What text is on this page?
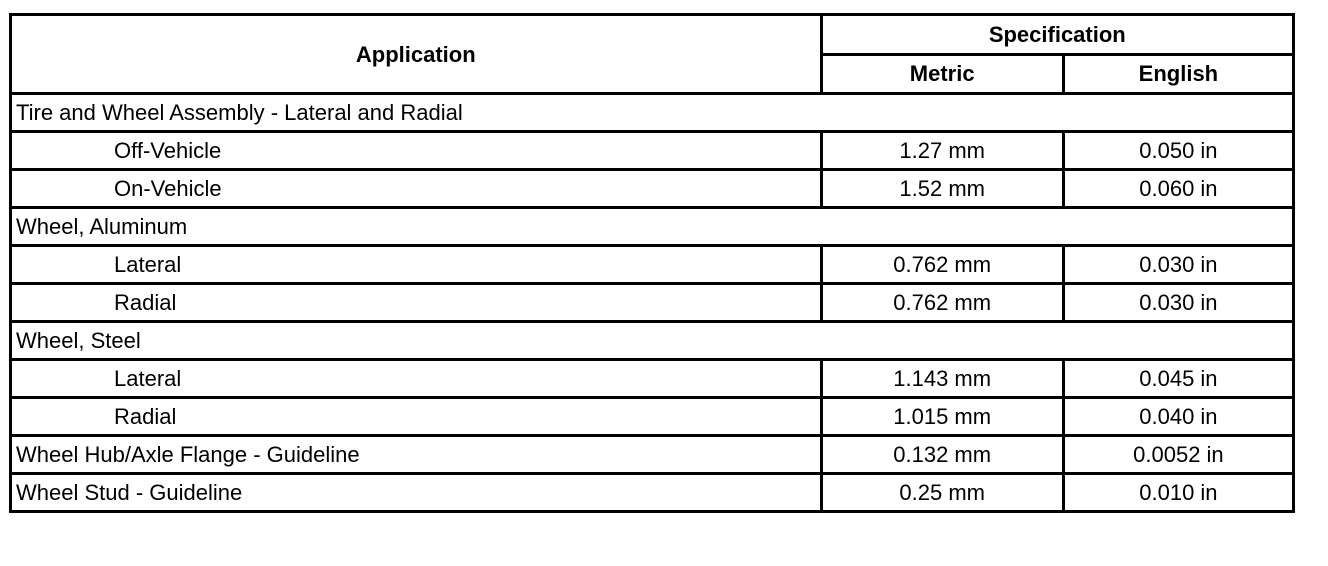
Application	Specification	
	Metric	English
Tire and Wheel Assembly - Lateral and Radial		
Off-Vehicle	1.27 mm	0.050 in
On-Vehicle	1.52 mm	0.060 in
Wheel, Aluminum		
Lateral	0.762 mm	0.030 in
Radial	0.762 mm	0.030 in
Wheel, Steel		
Lateral	1.143 mm	0.045 in
Radial	1.015 mm	0.040 in
Wheel Hub/Axle Flange - Guideline	0.132 mm	0.0052 in
Wheel Stud - Guideline	0.25 mm	0.010 in
